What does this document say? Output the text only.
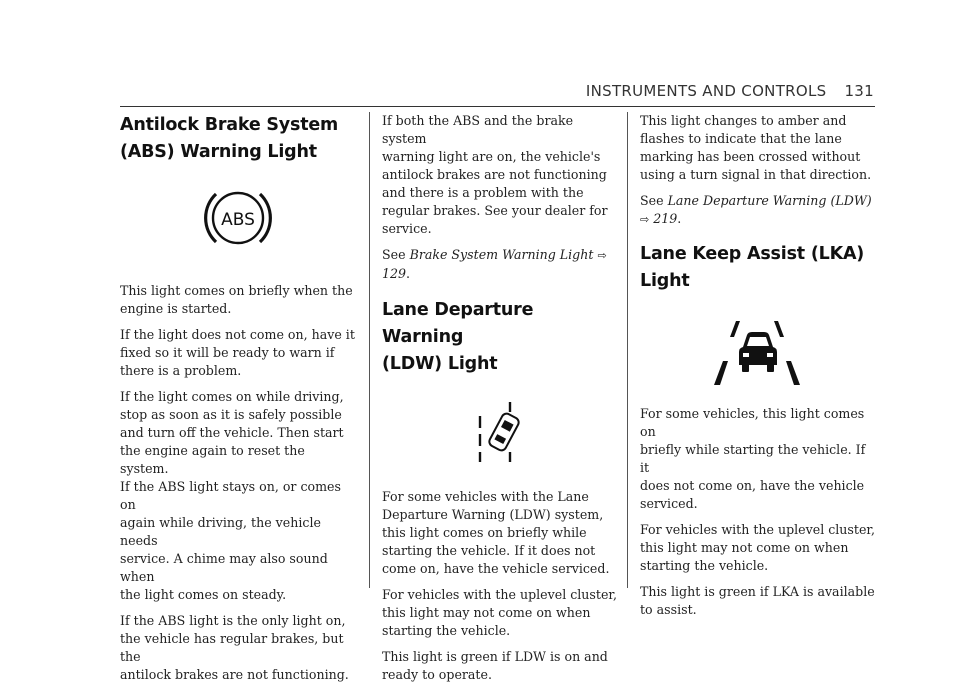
INSTRUMENTS AND CONTROLS 131
Antilock Brake System
(ABS) Warning Light
ABS

This light comes on briefly when the
engine is started.

If the light does not come on, have it
fixed so it will be ready to warn if
there is a problem.

If the light comes on while driving,
stop as soon as it is safely possible
and turn off the vehicle. Then start
the engine again to reset the system.
If the ABS light stays on, or comes on
again while driving, the vehicle needs
service. A chime may also sound when
the light comes on steady.

If the ABS light is the only light on,
the vehicle has regular brakes, but the
antilock brakes are not functioning.

If both the ABS and the brake system
warning light are on, the vehicle's
antilock brakes are not functioning
and there is a problem with the
regular brakes. See your dealer for
service.

See Brake System Warning Light ⇨ 129.

Lane Departure Warning
(LDW) Light

For some vehicles with the Lane
Departure Warning (LDW) system,
this light comes on briefly while
starting the vehicle. If it does not
come on, have the vehicle serviced.

For vehicles with the uplevel cluster,
this light may not come on when
starting the vehicle.

This light is green if LDW is on and
ready to operate.

This light changes to amber and
flashes to indicate that the lane
marking has been crossed without
using a turn signal in that direction.

See Lane Departure Warning (LDW)
⇨ 219.

Lane Keep Assist (LKA)
Light

For some vehicles, this light comes on
briefly while starting the vehicle. If it
does not come on, have the vehicle
serviced.

For vehicles with the uplevel cluster,
this light may not come on when
starting the vehicle.

This light is green if LKA is available
to assist.
